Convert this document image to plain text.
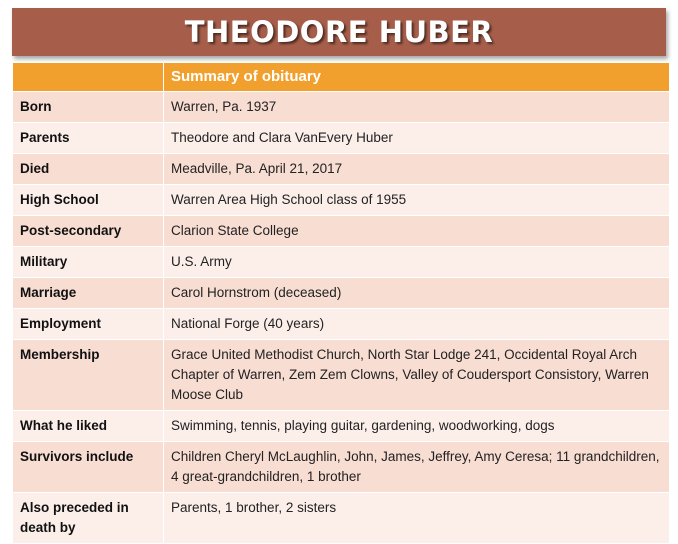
THEODORE HUBER
	Summary of obituary
Born	Warren, Pa. 1937
Parents	Theodore and Clara VanEvery Huber
Died	Meadville, Pa. April 21, 2017
High School	Warren Area High School class of 1955
Post-secondary	Clarion State College
Military	U.S. Army
Marriage	Carol Hornstrom (deceased)
Employment	National Forge (40 years)
Membership	Grace United Methodist Church, North Star Lodge 241, Occidental Royal Arch Chapter of Warren, Zem Zem Clowns, Valley of Coudersport Consistory, Warren Moose Club
What he liked	Swimming, tennis, playing guitar, gardening, woodworking, dogs
Survivors include	Children Cheryl McLaughlin, John, James, Jeffrey, Amy Ceresa; 11 grandchildren, 4 great-grandchildren, 1 brother
Also preceded in death by	Parents, 1 brother, 2 sisters
